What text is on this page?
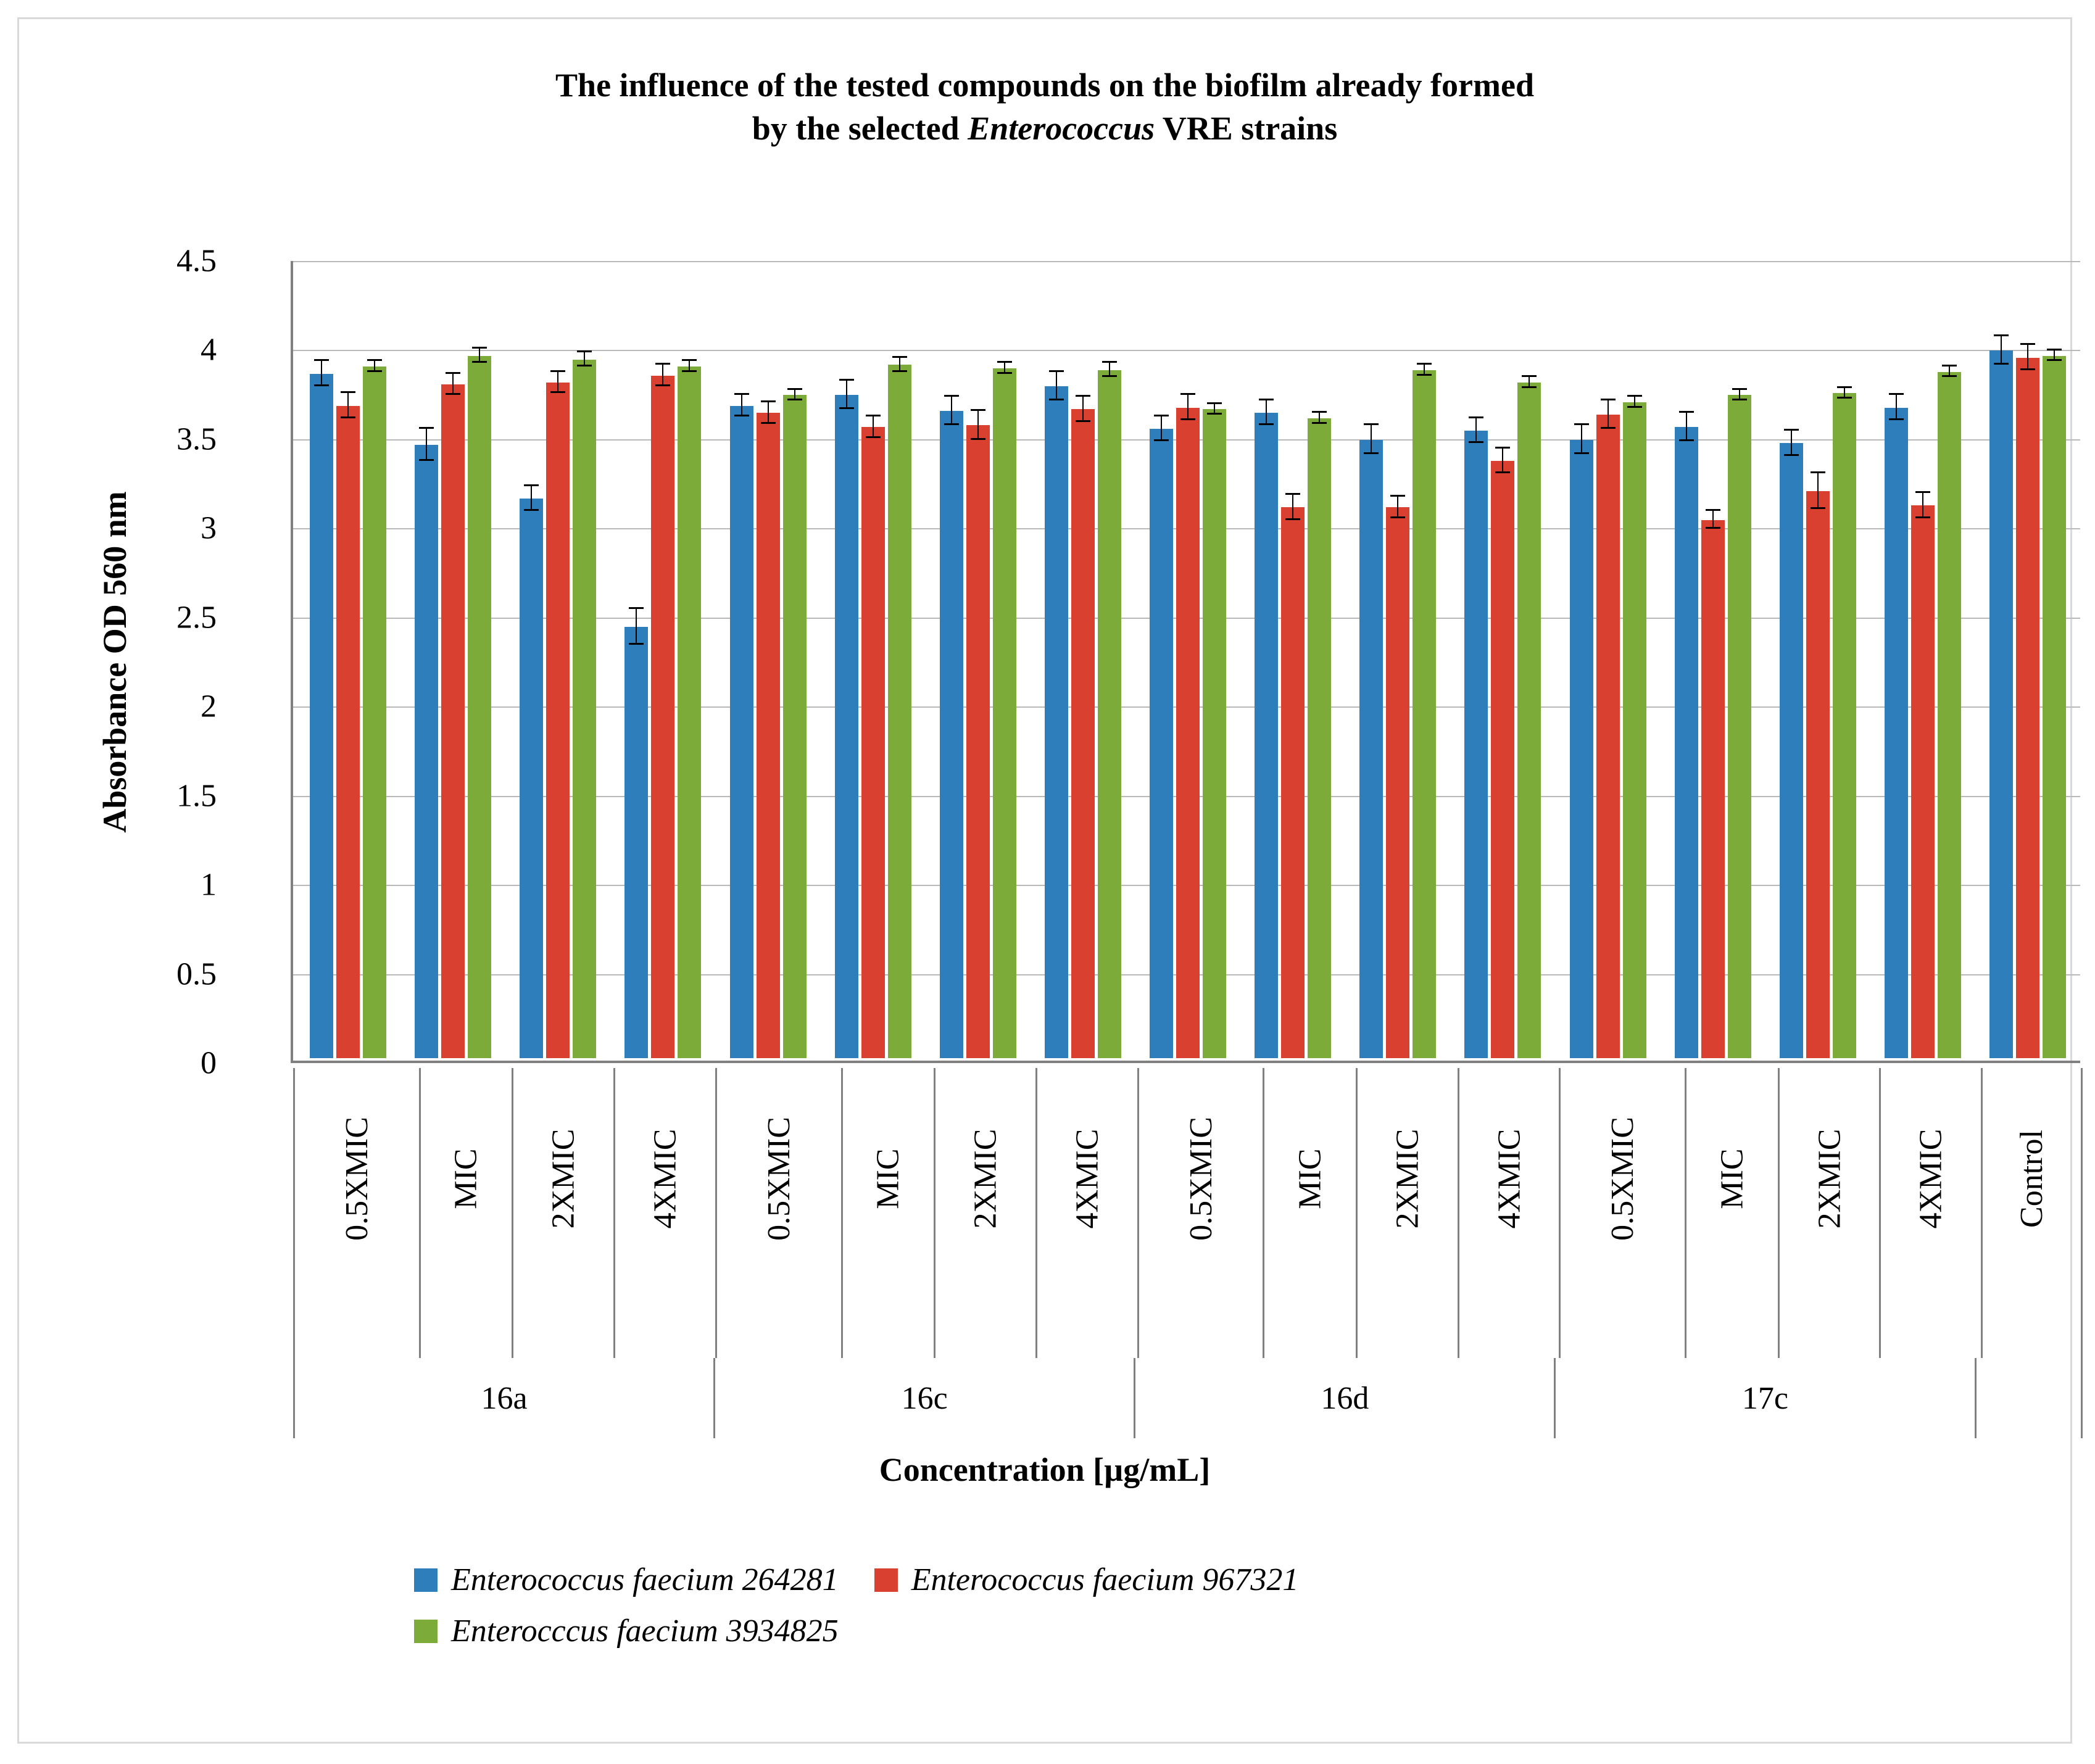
The influence of the tested compounds on the biofilm already formed
by the selected Enterococcus VRE strains
Absorbance OD 560 nm
0
0.5
1
1.5
2
2.5
3
3.5
4
4.5
0.5XMIC MIC 2XMIC 4XMIC 0.5XMIC MIC 2XMIC 4XMIC 0.5XMIC MIC 2XMIC 4XMIC 0.5XMIC MIC 2XMIC 4XMIC Control
16a	16c	16d	17c
Concentration [µg/mL]
Enterococcus faecium 264281 Enterococcus faecium 967321
Enterocccus faecium 3934825
